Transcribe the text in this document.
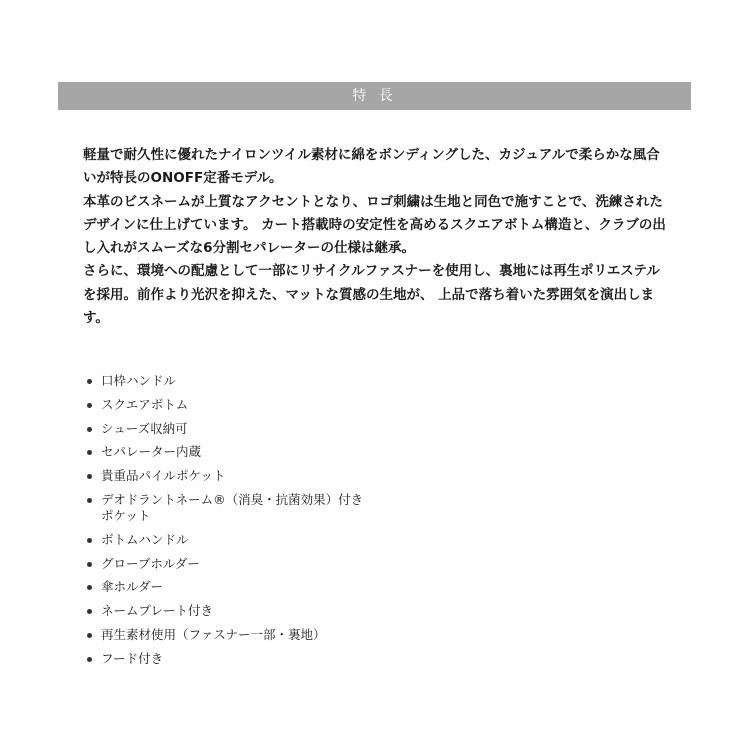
特 長
軽量で耐久性に優れたナイロンツイル素材に綿をボンディングした、カジュアルで柔らかな風合いが特長のONOFF定番モデル。
本革のビスネームが上質なアクセントとなり、ロゴ刺繍は生地と同色で施すことで、洗練されたデザインに仕上げています。 カート搭載時の安定性を高めるスクエアボトム構造と、クラブの出し入れがスムーズな6分割セパレーターの仕様は継承。
さらに、環境への配慮として一部にリサイクルファスナーを使用し、裏地には再生ポリエステルを採用。前作より光沢を抑えた、マットな質感の生地が、 上品で落ち着いた雰囲気を演出します。
口枠ハンドル
スクエアボトム
シューズ収納可
セパレーター内蔵
貴重品パイルポケット
デオドラントネーム®（消臭・抗菌効果）付きポケット
ボトムハンドル
グローブホルダー
傘ホルダー
ネームプレート付き
再生素材使用（ファスナー一部・裏地）
フード付き
